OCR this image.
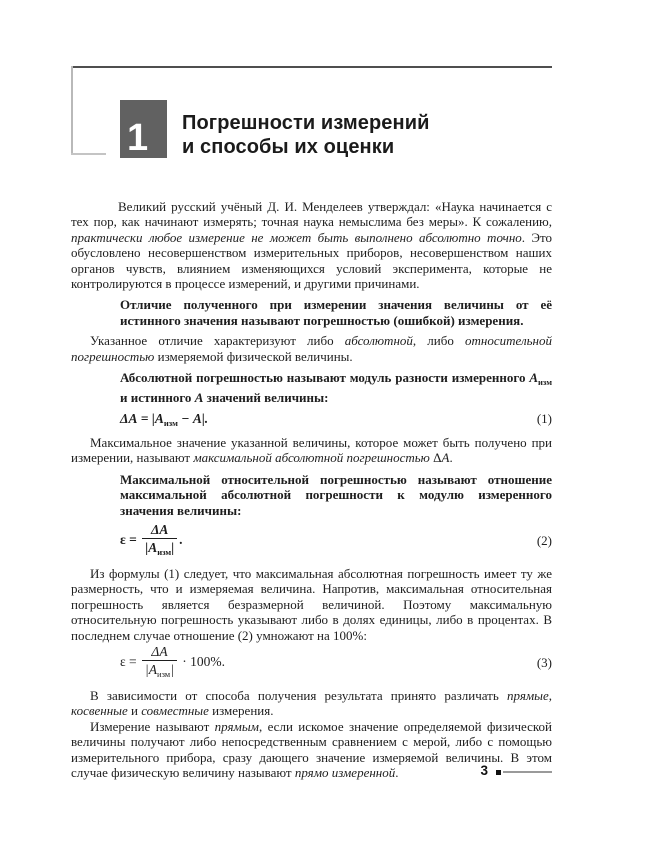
1 Погрешности измерений
и способы их оценки

Великий русский учёный Д. И. Менделеев утверждал: «Наука начинается с тех пор, как начинают измерять; точная наука немыслима без меры». К сожалению, практически любое измерение не может быть выполнено абсолютно точно. Это обусловлено несовершенством измерительных приборов, несовершенством наших органов чувств, влиянием изменяющихся условий эксперимента, которые не контролируются в процессе измерений, и другими причинами.

Отличие полученного при измерении значения величины от её истинного значения называют погрешностью (ошибкой) измерения.

Указанное отличие характеризуют либо абсолютной, либо относительной погрешностью измеряемой физической величины.

Абсолютной погрешностью называют модуль разности измеренного $A_{изм}$ и истинного A значений величины:

$\Delta A = |A_{изм} - A|$.	(1)

Максимальное значение указанной величины, которое может быть получено при измерении, называют максимальной абсолютной погрешностью ΔA.

Максимальной относительной погрешностью называют отношение максимальной абсолютной погрешности к модулю измеренного значения величины:

$\varepsilon = \frac{\Delta A}{|A_{изм}|}$ .	(2)

Из формулы (1) следует, что максимальная абсолютная погрешность имеет ту же размерность, что и измеряемая величина. Напротив, максимальная относительная погрешность является безразмерной величиной. Поэтому максимальную относительную погрешность указывают либо в долях единицы, либо в процентах. В последнем случае отношение (2) умножают на 100%:

$\varepsilon = \frac{\Delta A}{|A_{изм}|} \cdot 100\%$.	(3)

В зависимости от способа получения результата принято различать прямые, косвенные и совместные измерения.

Измерение называют прямым, если искомое значение определяемой физической величины получают либо непосредственным сравнением с мерой, либо с помощью измерительного прибора, сразу дающего значение измеряемой величины. В этом случае физическую величину называют прямо измеренной.	3
